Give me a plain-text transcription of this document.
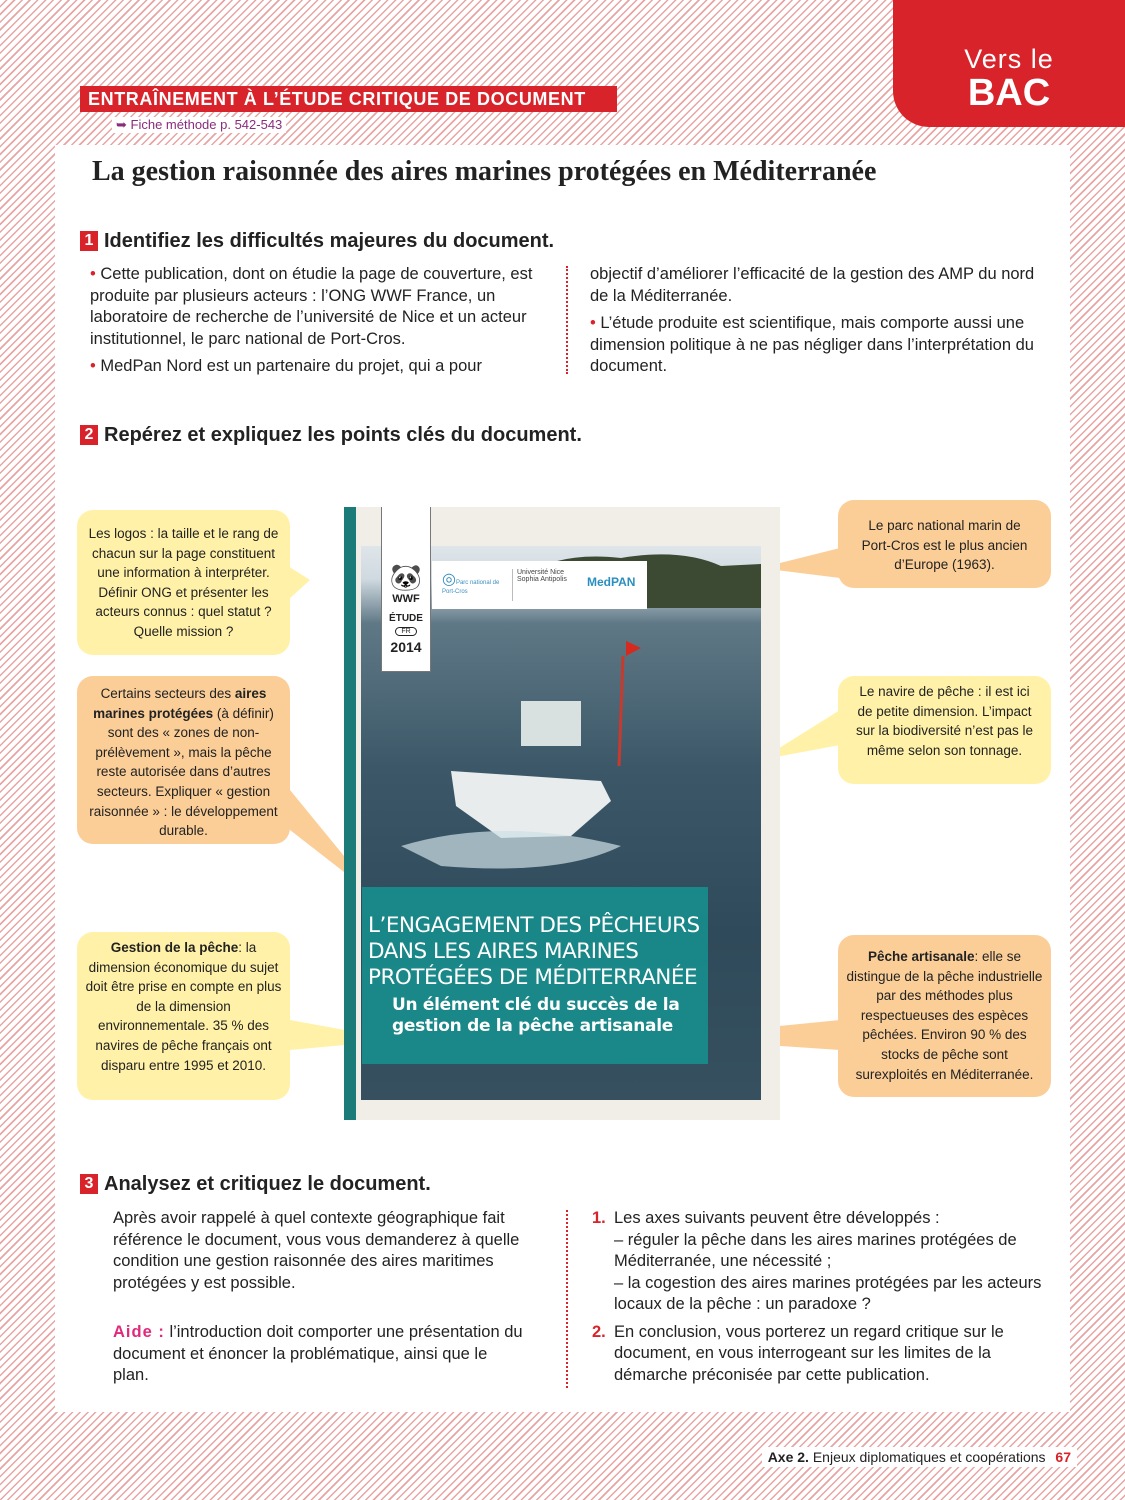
Vers le
BAC
ENTRAÎNEMENT À L’ÉTUDE CRITIQUE DE DOCUMENT
➥ Fiche méthode p. 542-543
La gestion raisonnée des aires marines protégées en Méditerranée
1 Identifiez les difficultés majeures du document.

• Cette publication, dont on étudie la page de couverture, est produite par plusieurs acteurs : l’ONG WWF France, un laboratoire de recherche de l’université de Nice et un acteur institutionnel, le parc national de Port-Cros.

• MedPan Nord est un partenaire du projet, qui a pour

objectif d’améliorer l’efficacité de la gestion des AMP du nord de la Méditerranée.

• L’étude produite est scientifique, mais comporte aussi une dimension politique à ne pas négliger dans l’interprétation du document.

2 Repérez et expliquez les points clés du document.
Les logos : la taille et le rang de chacun sur la page constituent une information à interpréter. Définir ONG et présenter les acteurs connus : quel statut ? Quelle mission ?
Certains secteurs des aires marines protégées (à définir) sont des « zones de non-prélèvement », mais la pêche reste autorisée dans d’autres secteurs. Expliquer « gestion raisonnée » : le développement durable.
Gestion de la pêche: la dimension économique du sujet doit être prise en compte en plus de la dimension environnementale. 35 % des navires de pêche français ont disparu entre 1995 et 2010.
Le parc national marin de Port-Cros est le plus ancien d’Europe (1963).
Le navire de pêche : il est ici de petite dimension. L’impact sur la biodiversité n’est pas le même selon son tonnage.
Pêche artisanale: elle se distingue de la pêche industrielle par des méthodes plus respectueuses des espèces pêchées. Environ 90 % des stocks de pêche sont surexploités en Méditerranée.
🐼
WWF
ÉTUDE
FR
2014
◎Parc national de Port-Cros
Université Nice Sophia Antipolis	MedPAN
L’ENGAGEMENT DES PÊCHEURS DANS LES AIRES MARINES PROTÉGÉES DE MÉDITERRANÉE
Un élément clé du succès de la gestion de la pêche artisanale
3 Analysez et critiquez le document.

Après avoir rappelé à quel contexte géographique fait référence le document, vous vous demanderez à quelle condition une gestion raisonnée des aires maritimes protégées y est possible.

Aide : l’introduction doit comporter une présentation du document et énoncer la problématique, ainsi que le plan.

1. Les axes suivants peuvent être développés :
– réguler la pêche dans les aires marines protégées de Méditerranée, une nécessité ;
– la cogestion des aires marines protégées par les acteurs locaux de la pêche : un paradoxe ?
2. En conclusion, vous porterez un regard critique sur le document, en vous interrogeant sur les limites de la démarche préconisée par cette publication.
Axe 2. Enjeux diplomatiques et coopérations 67
